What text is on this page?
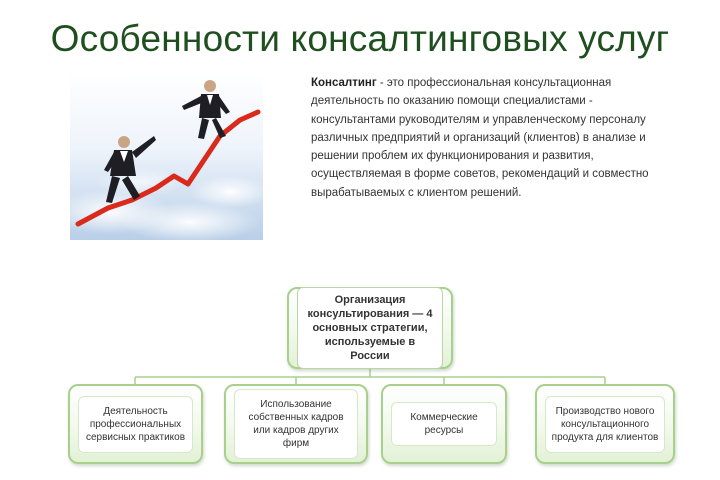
Особенности консалтинговых услуг
Консалтинг - это профессиональная консультационная деятельность по оказанию помощи специалистами - консультантами руководителям и управленческому персоналу различных предприятий и организаций (клиентов) в анализе и решении проблем их функционирования и развития, осуществляемая в форме советов, рекомендаций и совместно вырабатываемых с клиентом решений.
Организация консультирования — 4 основных стратегии, используемые в России
Деятельность профессиональных сервисных практиков
Использование собственных кадров или кадров других фирм
Коммерческие ресурсы
Производство нового консультационного продукта для клиентов
